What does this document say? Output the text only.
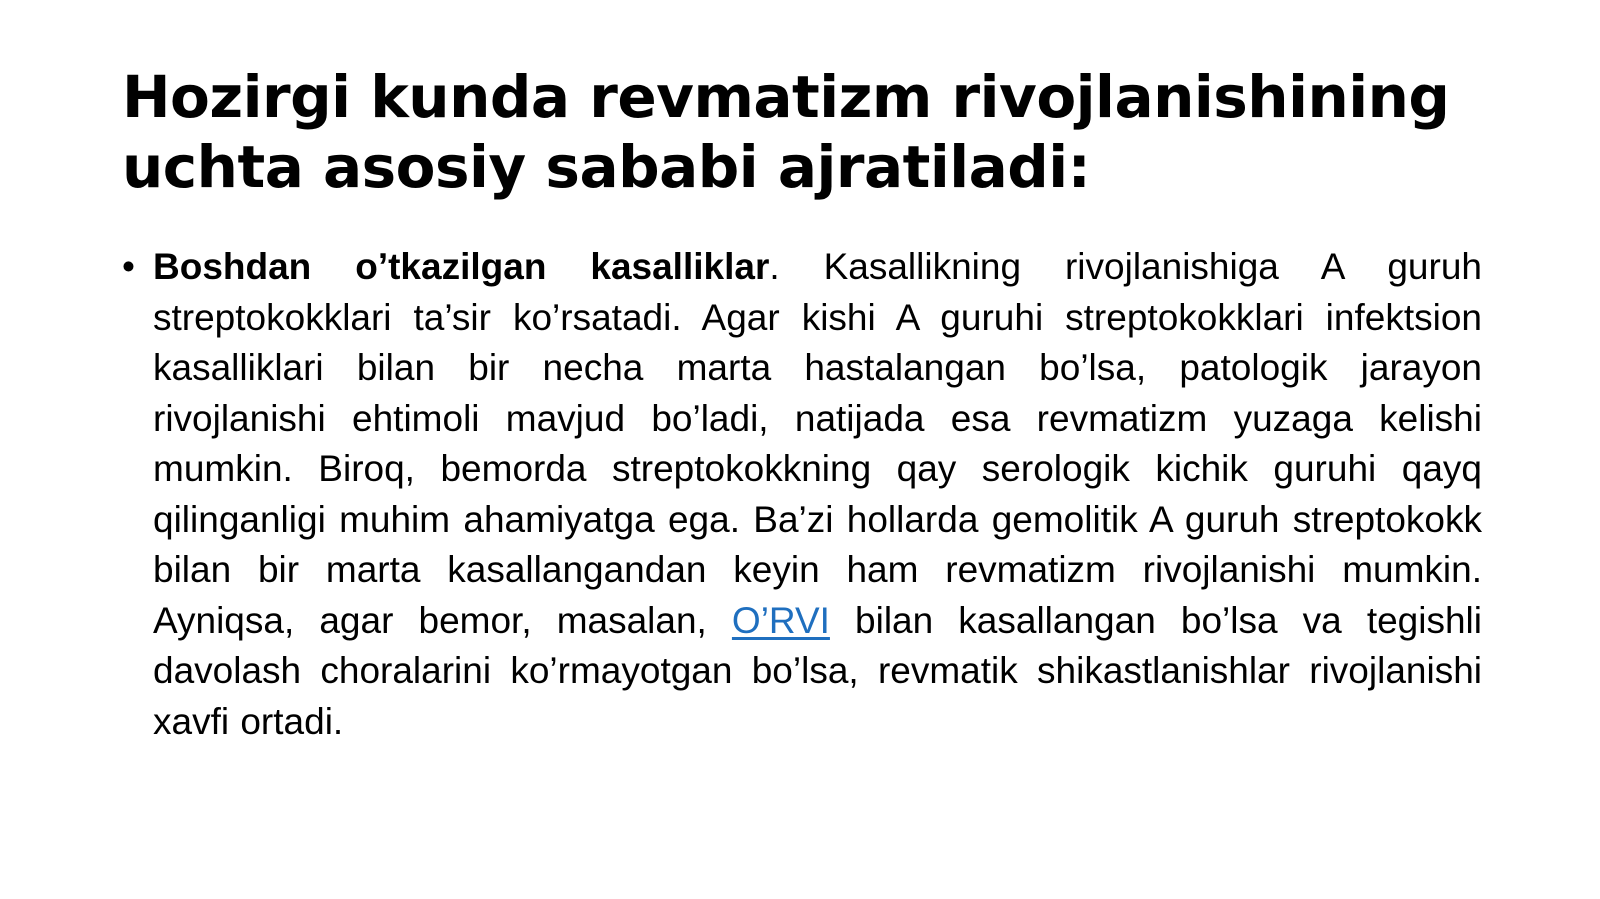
Hozirgi kunda revmatizm rivojlanishining uchta asosiy sababi ajratiladi:
• Boshdan o’tkazilgan kasalliklar. Kasallikning rivojlanishiga A guruh streptokokklari ta’sir ko’rsatadi. Agar kishi A guruhi streptokokklari infektsion kasalliklari bilan bir necha marta hastalangan bo’lsa, patologik jarayon rivojlanishi ehtimoli mavjud bo’ladi, natijada esa revmatizm yuzaga kelishi mumkin. Biroq, bemorda streptokokkning qay serologik kichik guruhi qayq qilinganligi muhim ahamiyatga ega. Ba’zi hollarda gemolitik A guruh streptokokk bilan bir marta kasallangandan keyin ham revmatizm rivojlanishi mumkin. Ayniqsa, agar bemor, masalan, O’RVI bilan kasallangan bo’lsa va tegishli davolash choralarini ko’rmayotgan bo’lsa, revmatik shikastlanishlar rivojlanishi xavfi ortadi.
